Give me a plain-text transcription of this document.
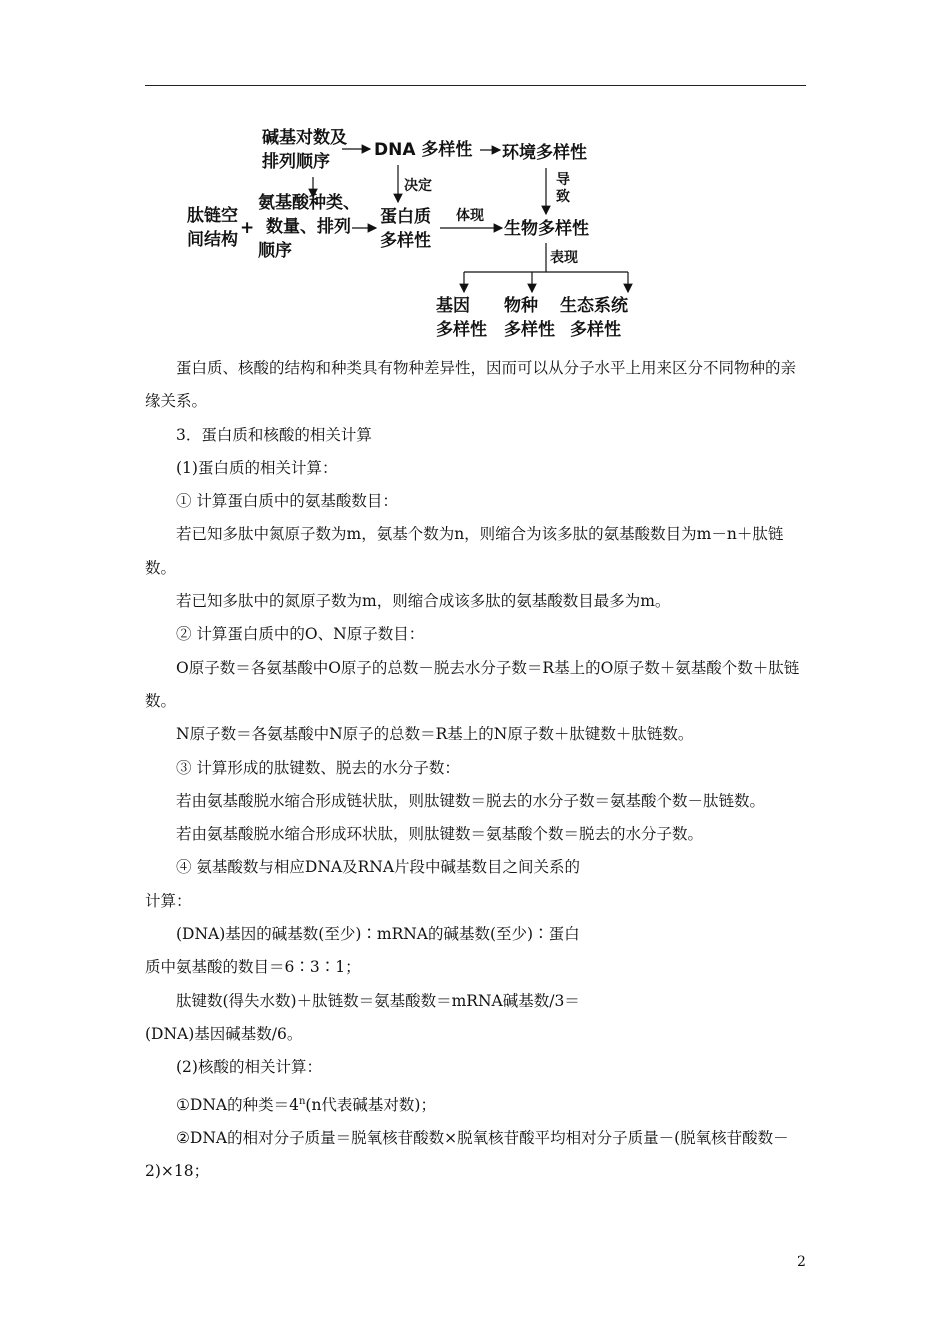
碱基对数及
排列顺序
DNA 多样性 环境多样性
决定	导
致
肽链空
间结构
+
氨基酸种类、
数量、排列
顺序
蛋白质
多样性
体现
生物多样性
表现
基因
多样性
物种
多样性
生态系统
多样性

蛋白质、核酸的结构和种类具有物种差异性，因而可以从分子水平上用来区分不同物种的亲缘关系。

3．蛋白质和核酸的相关计算

(1)蛋白质的相关计算：

① 计算蛋白质中的氨基酸数目：

若已知多肽中氮原子数为m，氨基个数为n，则缩合为该多肽的氨基酸数目为m－n＋肽链数。

若已知多肽中的氮原子数为m，则缩合成该多肽的氨基酸数目最多为m。

② 计算蛋白质中的O、N原子数目：

O原子数＝各氨基酸中O原子的总数－脱去水分子数＝R基上的O原子数＋氨基酸个数＋肽链数。

N原子数＝各氨基酸中N原子的总数＝R基上的N原子数＋肽键数＋肽链数。

③ 计算形成的肽键数、脱去的水分子数：

若由氨基酸脱水缩合形成链状肽，则肽键数＝脱去的水分子数＝氨基酸个数－肽链数。

若由氨基酸脱水缩合形成环状肽，则肽键数＝氨基酸个数＝脱去的水分子数。

④ 氨基酸数与相应DNA及RNA片段中碱基数目之间关系的计算：

(DNA)基因的碱基数(至少)∶mRNA的碱基数(至少)∶蛋白质中氨基酸的数目＝6∶3∶1；

肽键数(得失水数)＋肽链数＝氨基酸数＝mRNA碱基数/3＝(DNA)基因碱基数/6。

(2)核酸的相关计算：

①DNA的种类$=4^n(n$代表碱基对数)；

②DNA的相对分子质量＝脱氧核苷酸数×脱氧核苷酸平均相对分子质量－(脱氧核苷酸数－2)×18；

2
